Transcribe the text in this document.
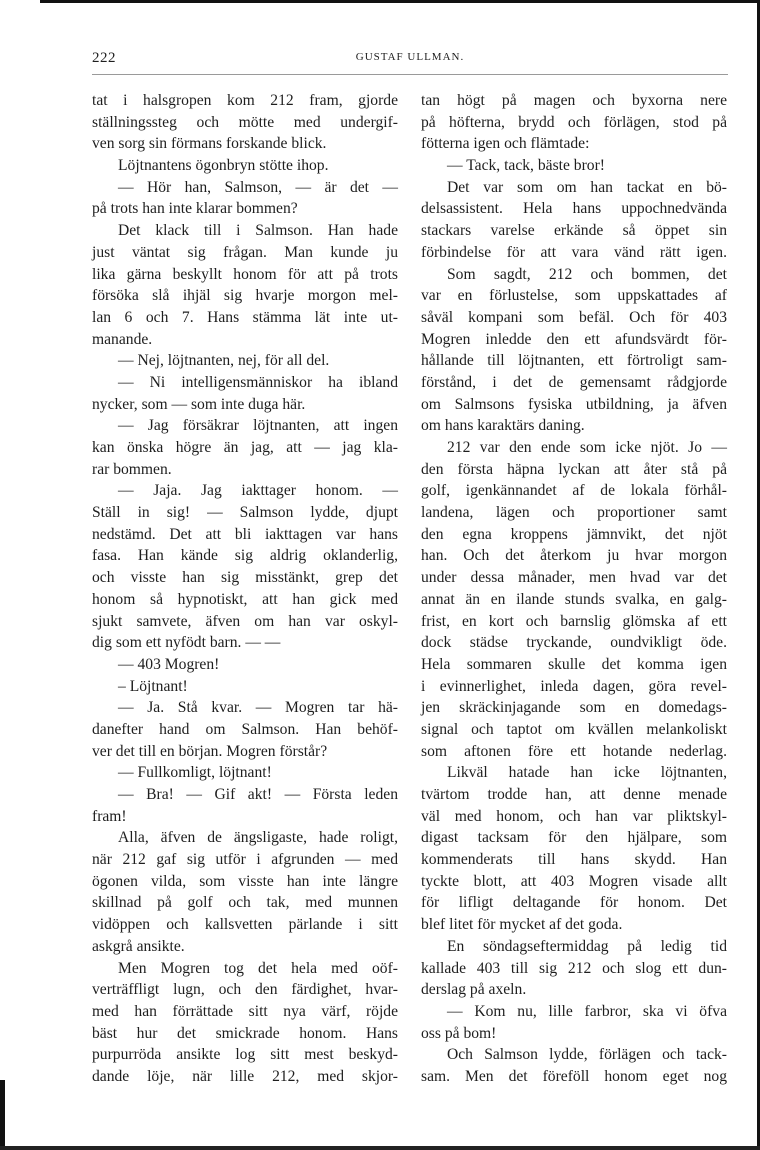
222	GUSTAF ULLMAN.
tat i halsgropen kom 212 fram, gjorde
ställningssteg och mötte med undergif-
ven sorg sin förmans forskande blick.
Löjtnantens ögonbryn stötte ihop.
— Hör han, Salmson, — är det —
på trots han inte klarar bommen?
Det klack till i Salmson. Han hade
just väntat sig frågan. Man kunde ju
lika gärna beskyllt honom för att på trots
försöka slå ihjäl sig hvarje morgon mel-
lan 6 och 7. Hans stämma lät inte ut-
manande.
— Nej, löjtnanten, nej, för all del.
— Ni intelligensmänniskor ha ibland
nycker, som — som inte duga här.
— Jag försäkrar löjtnanten, att ingen
kan önska högre än jag, att — jag kla-
rar bommen.
— Jaja. Jag iakttager honom. —
Ställ in sig! — Salmson lydde, djupt
nedstämd. Det att bli iakttagen var hans
fasa. Han kände sig aldrig oklanderlig,
och visste han sig misstänkt, grep det
honom så hypnotiskt, att han gick med
sjukt samvete, äfven om han var oskyl-
dig som ett nyfödt barn. — —
— 403 Mogren!
– Löjtnant!
— Ja. Stå kvar. — Mogren tar hä-
danefter hand om Salmson. Han behöf-
ver det till en början. Mogren förstår?
— Fullkomligt, löjtnant!
— Bra! — Gif akt! — Första leden
fram!
Alla, äfven de ängsligaste, hade roligt,
när 212 gaf sig utför i afgrunden — med
ögonen vilda, som visste han inte längre
skillnad på golf och tak, med munnen
vidöppen och kallsvetten pärlande i sitt
askgrå ansikte.
Men Mogren tog det hela med oöf-
verträffligt lugn, och den färdighet, hvar-
med han förrättade sitt nya värf, röjde
bäst hur det smickrade honom. Hans
purpurröda ansikte log sitt mest beskyd-
dande löje, när lille 212, med skjor-
tan högt på magen och byxorna nere
på höfterna, brydd och förlägen, stod på
fötterna igen och flämtade:
— Tack, tack, bäste bror!
Det var som om han tackat en bö-
delsassistent. Hela hans uppochnedvända
stackars varelse erkände så öppet sin
förbindelse för att vara vänd rätt igen.
Som sagdt, 212 och bommen, det
var en förlustelse, som uppskattades af
såväl kompani som befäl. Och för 403
Mogren inledde den ett afundsvärdt för-
hållande till löjtnanten, ett förtroligt sam-
förstånd, i det de gemensamt rådgjorde
om Salmsons fysiska utbildning, ja äfven
om hans karaktärs daning.
212 var den ende som icke njöt. Jo —
den första häpna lyckan att åter stå på
golf, igenkännandet af de lokala förhål-
landena, lägen och proportioner samt
den egna kroppens jämnvikt, det njöt
han. Och det återkom ju hvar morgon
under dessa månader, men hvad var det
annat än en ilande stunds svalka, en galg-
frist, en kort och barnslig glömska af ett
dock städse tryckande, oundvikligt öde.
Hela sommaren skulle det komma igen
i evinnerlighet, inleda dagen, göra revel-
jen skräckinjagande som en domedags-
signal och taptot om kvällen melankoliskt
som aftonen före ett hotande nederlag.
Likväl hatade han icke löjtnanten,
tvärtom trodde han, att denne menade
väl med honom, och han var pliktskyl-
digast tacksam för den hjälpare, som
kommenderats till hans skydd. Han
tyckte blott, att 403 Mogren visade allt
för lifligt deltagande för honom. Det
blef litet för mycket af det goda.
En söndagseftermiddag på ledig tid
kallade 403 till sig 212 och slog ett dun-
derslag på axeln.
— Kom nu, lille farbror, ska vi öfva
oss på bom!
Och Salmson lydde, förlägen och tack-
sam. Men det föreföll honom eget nog
